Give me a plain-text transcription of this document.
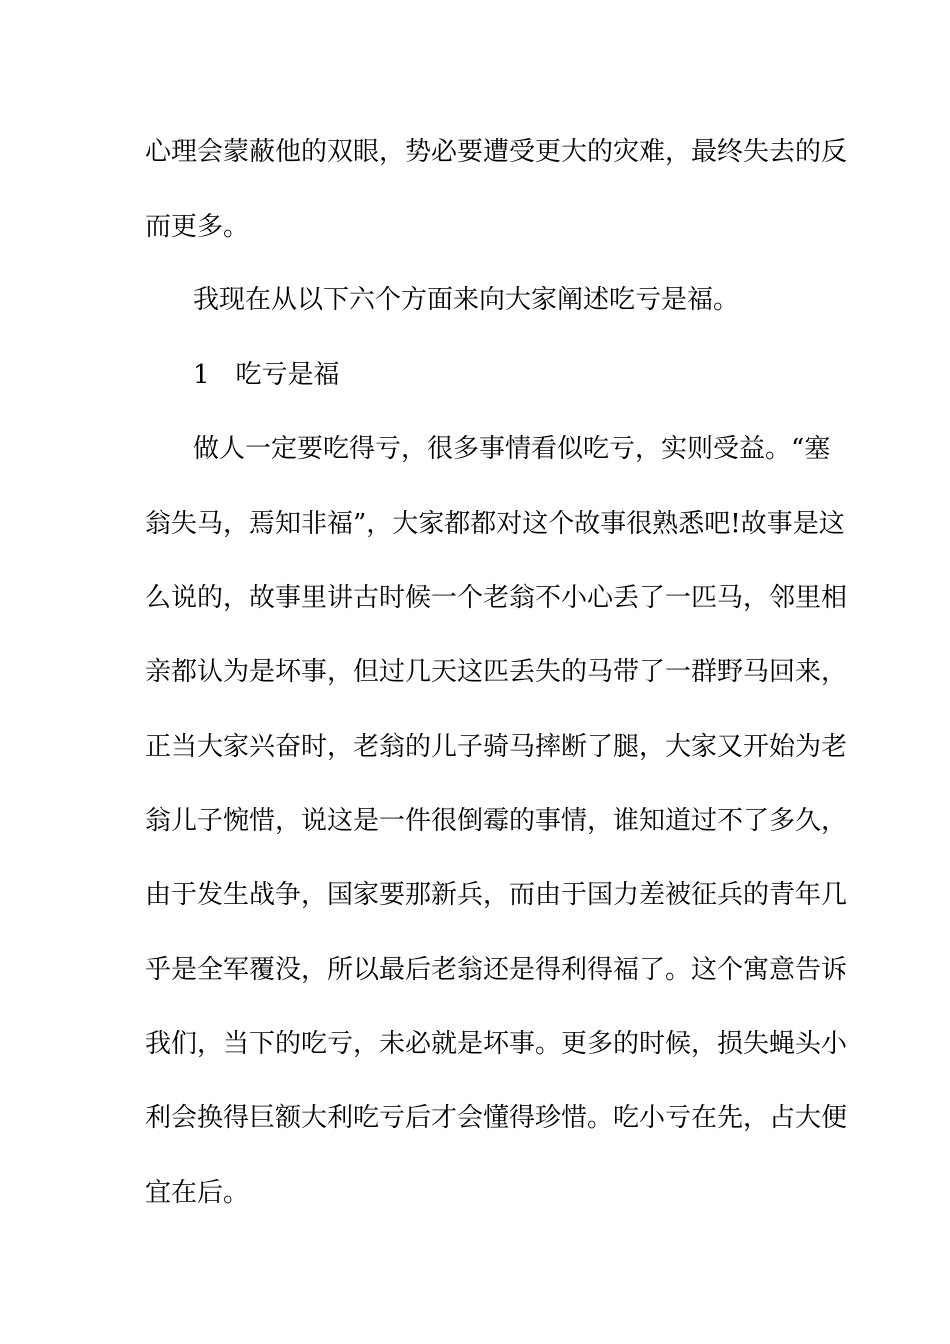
心理会蒙蔽他的双眼，势必要遭受更大的灾难，最终失去的反
而更多。
我现在从以下六个方面来向大家阐述吃亏是福。
1　吃亏是福
做人一定要吃得亏，很多事情看似吃亏，实则受益。“塞
翁失马，焉知非福”，大家都都对这个故事很熟悉吧!故事是这
么说的，故事里讲古时候一个老翁不小心丢了一匹马，邻里相
亲都认为是坏事，但过几天这匹丢失的马带了一群野马回来，
正当大家兴奋时，老翁的儿子骑马摔断了腿，大家又开始为老
翁儿子惋惜，说这是一件很倒霉的事情，谁知道过不了多久，
由于发生战争，国家要那新兵，而由于国力差被征兵的青年几
乎是全军覆没，所以最后老翁还是得利得福了。这个寓意告诉
我们，当下的吃亏，未必就是坏事。更多的时候，损失蝇头小
利会换得巨额大利吃亏后才会懂得珍惜。吃小亏在先，占大便
宜在后。
